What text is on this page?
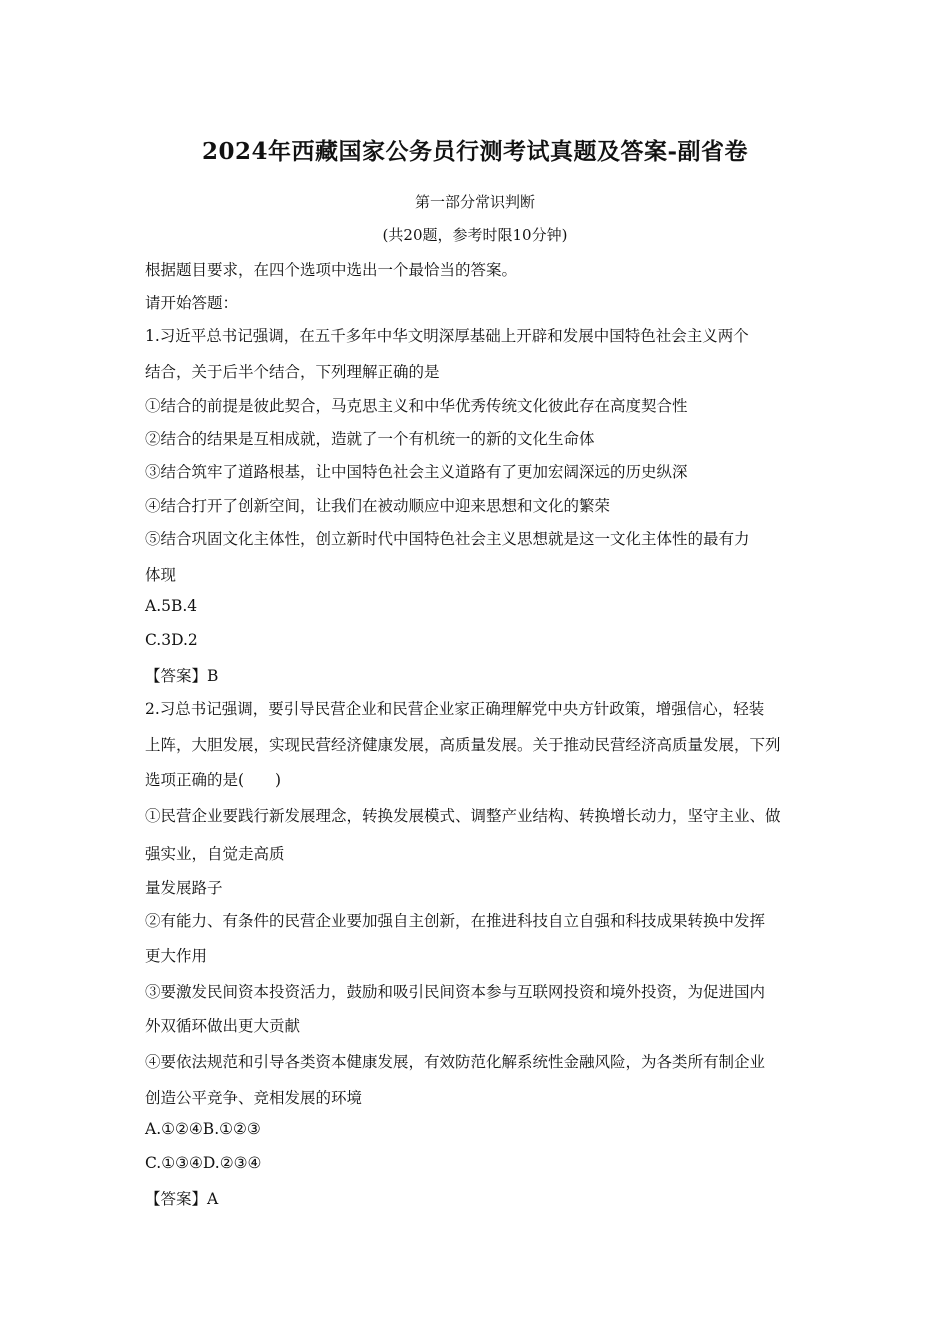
2024年西藏国家公务员行测考试真题及答案-副省卷
第一部分常识判断
(共20题，参考时限10分钟)
根据题目要求，在四个选项中选出一个最恰当的答案。
请开始答题：
1.习近平总书记强调，在五千多年中华文明深厚基础上开辟和发展中国特色社会主义两个
结合，关于后半个结合，下列理解正确的是
①结合的前提是彼此契合，马克思主义和中华优秀传统文化彼此存在高度契合性
②结合的结果是互相成就，造就了一个有机统一的新的文化生命体
③结合筑牢了道路根基，让中国特色社会主义道路有了更加宏阔深远的历史纵深
④结合打开了创新空间，让我们在被动顺应中迎来思想和文化的繁荣
⑤结合巩固文化主体性，创立新时代中国特色社会主义思想就是这一文化主体性的最有力
体现
A.5B.4
C.3D.2
【答案】B
2.习总书记强调，要引导民营企业和民营企业家正确理解党中央方针政策，增强信心，轻装
上阵，大胆发展，实现民营经济健康发展，高质量发展。关于推动民营经济高质量发展，下列
选项正确的是(　　)
①民营企业要践行新发展理念，转换发展模式、调整产业结构、转换增长动力，坚守主业、做
强实业，自觉走高质
量发展路子
②有能力、有条件的民营企业要加强自主创新，在推进科技自立自强和科技成果转换中发挥
更大作用
③要激发民间资本投资活力，鼓励和吸引民间资本参与互联网投资和境外投资，为促进国内
外双循环做出更大贡献
④要依法规范和引导各类资本健康发展，有效防范化解系统性金融风险，为各类所有制企业
创造公平竞争、竞相发展的环境
A.①②④B.①②③
C.①③④D.②③④
【答案】A
